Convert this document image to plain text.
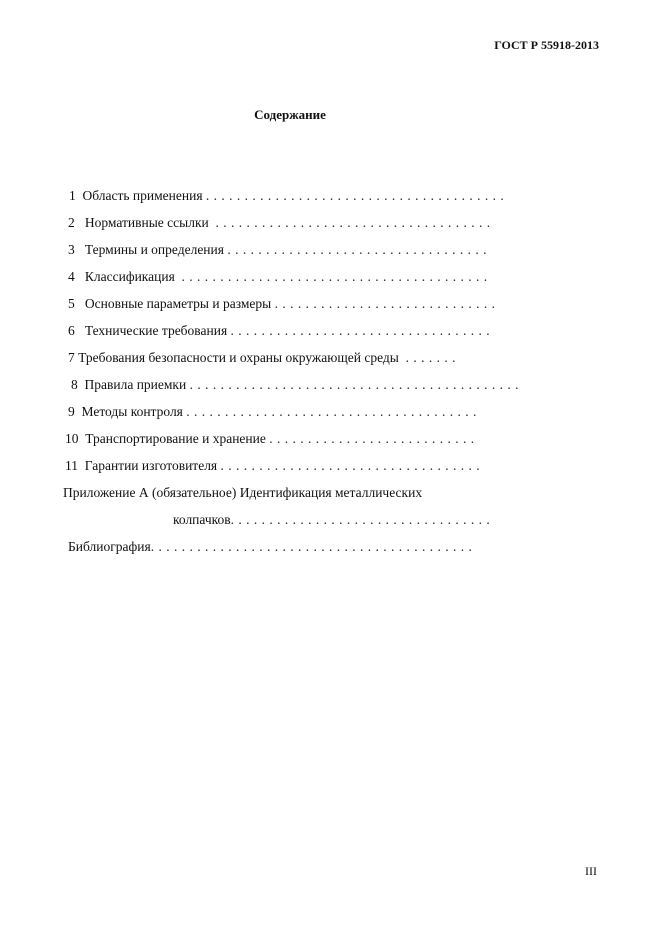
ГОСТ Р 55918-2013
Содержание
1 Область применения . . . . . . . . . . . . . . . . . . . . . . . . . . . . . . . . . . . . . . .
2 Нормативные ссылки . . . . . . . . . . . . . . . . . . . . . . . . . . . . . . . . . . . .
3 Термины и определения . . . . . . . . . . . . . . . . . . . . . . . . . . . . . . . . . .
4 Классификация . . . . . . . . . . . . . . . . . . . . . . . . . . . . . . . . . . . . . . . .
5 Основные параметры и размеры . . . . . . . . . . . . . . . . . . . . . . . . . . . . .
6 Технические требования . . . . . . . . . . . . . . . . . . . . . . . . . . . . . . . . . .
7 Требования безопасности и охраны окружающей среды . . . . . . .
8 Правила приемки . . . . . . . . . . . . . . . . . . . . . . . . . . . . . . . . . . . . . . . . . . .
9 Методы контроля . . . . . . . . . . . . . . . . . . . . . . . . . . . . . . . . . . . . . .
10 Транспортирование и хранение . . . . . . . . . . . . . . . . . . . . . . . . . . .
11 Гарантии изготовителя . . . . . . . . . . . . . . . . . . . . . . . . . . . . . . . . . .
Приложение А (обязательное) Идентификация металлических
колпачков. . . . . . . . . . . . . . . . . . . . . . . . . . . . . . . . . .
Библиография. . . . . . . . . . . . . . . . . . . . . . . . . . . . . . . . . . . . . . . . . .
III
